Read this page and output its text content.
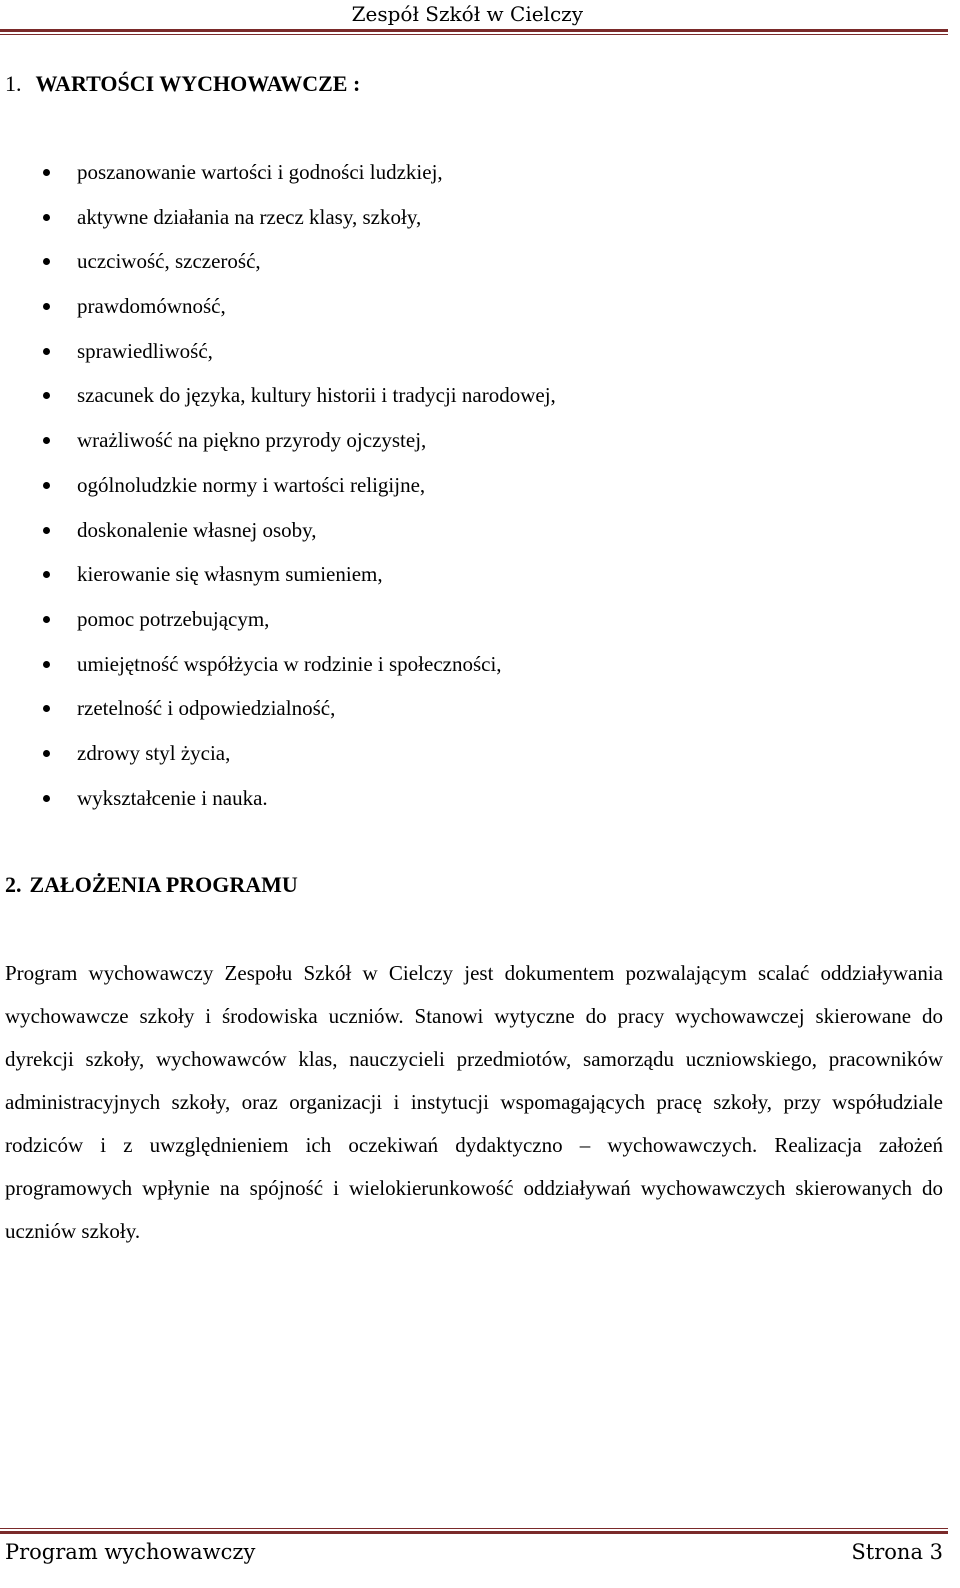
Zespół Szkół w Cielczy
1. WARTOŚCI WYCHOWAWCZE :
poszanowanie wartości i godności ludzkiej,
aktywne działania na rzecz klasy, szkoły,
uczciwość, szczerość,
prawdomówność,
sprawiedliwość,
szacunek do języka, kultury historii i tradycji narodowej,
wrażliwość na piękno przyrody ojczystej,
ogólnoludzkie normy i wartości religijne,
doskonalenie własnej osoby,
kierowanie się własnym sumieniem,
pomoc potrzebującym,
umiejętność współżycia w rodzinie i społeczności,
rzetelność i odpowiedzialność,
zdrowy styl życia,
wykształcenie i nauka.
2. ZAŁOŻENIA PROGRAMU

Program wychowawczy Zespołu Szkół w Cielczy jest dokumentem pozwalającym scalać oddziaływania wychowawcze szkoły i środowiska uczniów. Stanowi wytyczne do pracy wychowawczej skierowane do dyrekcji szkoły, wychowawców klas, nauczycieli przedmiotów, samorządu uczniowskiego, pracowników administracyjnych szkoły, oraz organizacji i instytucji wspomagających pracę szkoły, przy współudziale rodziców i z uwzględnieniem ich oczekiwań dydaktyczno – wychowawczych. Realizacja założeń programowych wpłynie na spójność i wielokierunkowość oddziaływań wychowawczych skierowanych do uczniów szkoły.

Program wychowawczy	Strona 3
